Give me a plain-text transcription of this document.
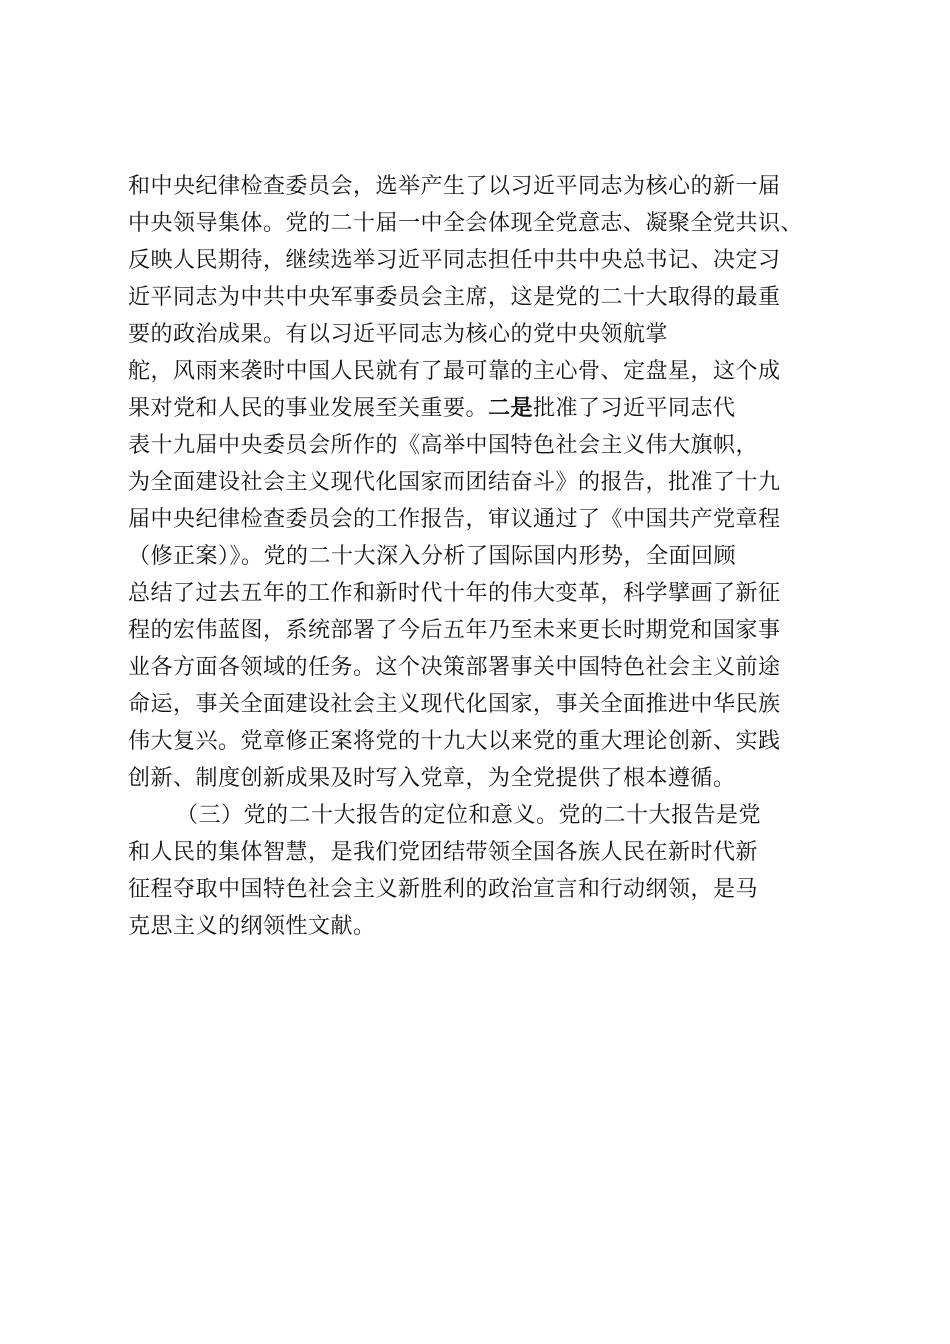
和中央纪律检查委员会，选举产生了以习近平同志为核心的新一届
中央领导集体。党的二十届一中全会体现全党意志、凝聚全党共识、
反映人民期待，继续选举习近平同志担任中共中央总书记、决定习
近平同志为中共中央军事委员会主席，这是党的二十大取得的最重
要的政治成果。有以习近平同志为核心的党中央领航掌
舵，风雨来袭时中国人民就有了最可靠的主心骨、定盘星，这个成
果对党和人民的事业发展至关重要。二是批准了习近平同志代
表十九届中央委员会所作的《高举中国特色社会主义伟大旗帜，
为全面建设社会主义现代化国家而团结奋斗》的报告，批准了十九
届中央纪律检查委员会的工作报告，审议通过了《中国共产党章程
（修正案）》。党的二十大深入分析了国际国内形势，全面回顾
总结了过去五年的工作和新时代十年的伟大变革，科学擘画了新征
程的宏伟蓝图，系统部署了今后五年乃至未来更长时期党和国家事
业各方面各领域的任务。这个决策部署事关中国特色社会主义前途
命运，事关全面建设社会主义现代化国家，事关全面推进中华民族
伟大复兴。党章修正案将党的十九大以来党的重大理论创新、实践
创新、制度创新成果及时写入党章，为全党提供了根本遵循。
（三）党的二十大报告的定位和意义。党的二十大报告是党
和人民的集体智慧，是我们党团结带领全国各族人民在新时代新
征程夺取中国特色社会主义新胜利的政治宣言和行动纲领，是马
克思主义的纲领性文献。
